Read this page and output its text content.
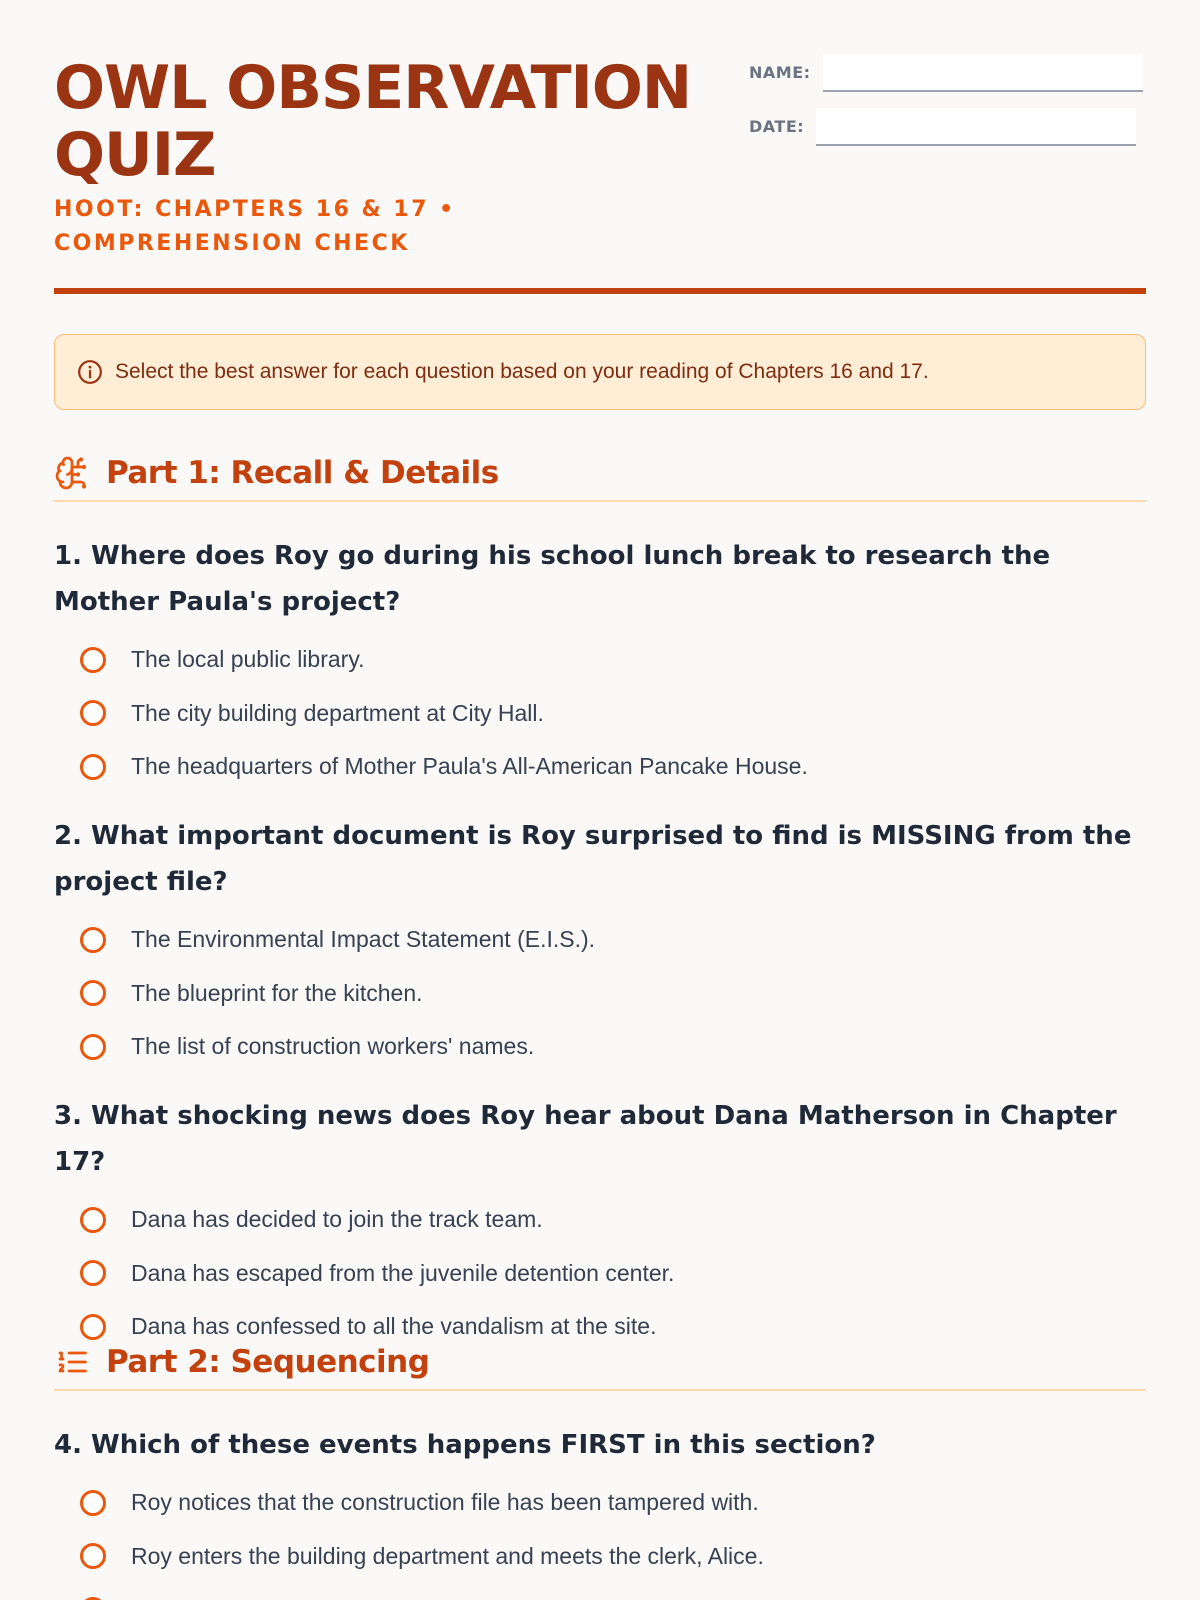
OWL OBSERVATION QUIZ
HOOT: CHAPTERS 16 & 17 • COMPREHENSION CHECK
NAME:
DATE:
Select the best answer for each question based on your reading of Chapters 16 and 17.
Part 1: Recall & Details

1. Where does Roy go during his school lunch break to research the Mother Paula's project?

The local public library.
The city building department at City Hall.
The headquarters of Mother Paula's All-American Pancake House.

2. What important document is Roy surprised to find is MISSING from the project file?

The Environmental Impact Statement (E.I.S.).
The blueprint for the kitchen.
The list of construction workers' names.

3. What shocking news does Roy hear about Dana Matherson in Chapter 17?

Dana has decided to join the track team.
Dana has escaped from the juvenile detention center.
Dana has confessed to all the vandalism at the site.
Part 2: Sequencing

4. Which of these events happens FIRST in this section?

Roy notices that the construction file has been tampered with.
Roy enters the building department and meets the clerk, Alice.
